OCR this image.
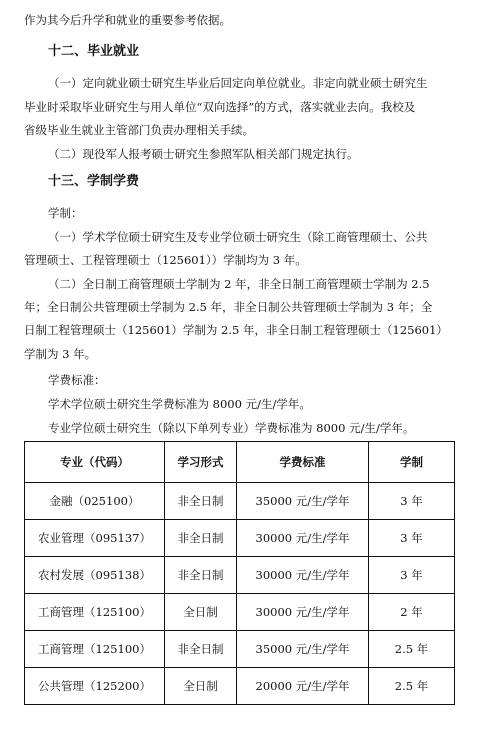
作为其今后升学和就业的重要参考依据。
十二、毕业就业
（一）定向就业硕士研究生毕业后回定向单位就业。非定向就业硕士研究生
毕业时采取毕业研究生与用人单位“双向选择”的方式，落实就业去向。我校及
省级毕业生就业主管部门负责办理相关手续。
（二）现役军人报考硕士研究生参照军队相关部门规定执行。
十三、学制学费
学制：
（一）学术学位硕士研究生及专业学位硕士研究生（除工商管理硕士、公共
管理硕士、工程管理硕士（125601））学制均为 3 年。
（二）全日制工商管理硕士学制为 2 年，非全日制工商管理硕士学制为 2.5
年；全日制公共管理硕士学制为 2.5 年，非全日制公共管理硕士学制为 3 年；全
日制工程管理硕士（125601）学制为 2.5 年，非全日制工程管理硕士（125601）
学制为 3 年。
学费标准：
学术学位硕士研究生学费标准为 8000 元/生/学年。
专业学位硕士研究生（除以下单列专业）学费标准为 8000 元/生/学年。
专业（代码）	学习形式	学费标准	学制
金融（025100）	非全日制	35000 元/生/学年	3 年
农业管理（095137）	非全日制	30000 元/生/学年	3 年
农村发展（095138）	非全日制	30000 元/生/学年	3 年
工商管理（125100）	全日制	30000 元/生/学年	2 年
工商管理（125100）	非全日制	35000 元/生/学年	2.5 年
公共管理（125200）	全日制	20000 元/生/学年	2.5 年
